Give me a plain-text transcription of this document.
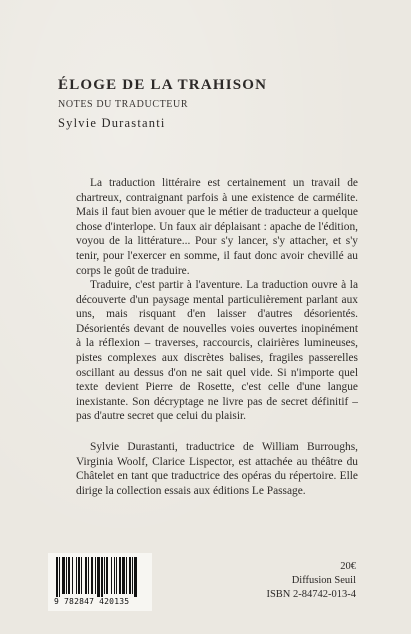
ÉLOGE DE LA TRAHISON
NOTES DU TRADUCTEUR
Sylvie Durastanti

La traduction littéraire est certainement un travail de chartreux, contraignant parfois à une existence de carmélite. Mais il faut bien avouer que le métier de traducteur a quelque chose d'interlope. Un faux air déplaisant : apache de l'édition, voyou de la littérature... Pour s'y lancer, s'y attacher, et s'y tenir, pour l'exercer en somme, il faut donc avoir chevillé au corps le goût de traduire.

Traduire, c'est partir à l'aventure. La traduction ouvre à la découverte d'un paysage mental particulièrement parlant aux uns, mais risquant d'en laisser d'autres désorientés. Désorientés devant de nouvelles voies ouvertes inopinément à la réflexion – traverses, raccourcis, clairières lumineuses, pistes complexes aux discrètes balises, fragiles passerelles oscillant au dessus d'on ne sait quel vide. Si n'importe quel texte devient Pierre de Rosette, c'est celle d'une langue inexistante. Son décryptage ne livre pas de secret définitif – pas d'autre secret que celui du plaisir.

Sylvie Durastanti, traductrice de William Burroughs, Virginia Woolf, Clarice Lispector, est attachée au théâtre du Châtelet en tant que traductrice des opéras du répertoire. Elle dirige la collection essais aux éditions Le Passage.

9 782847 420135
20€
Diffusion Seuil
ISBN 2-84742-013-4
